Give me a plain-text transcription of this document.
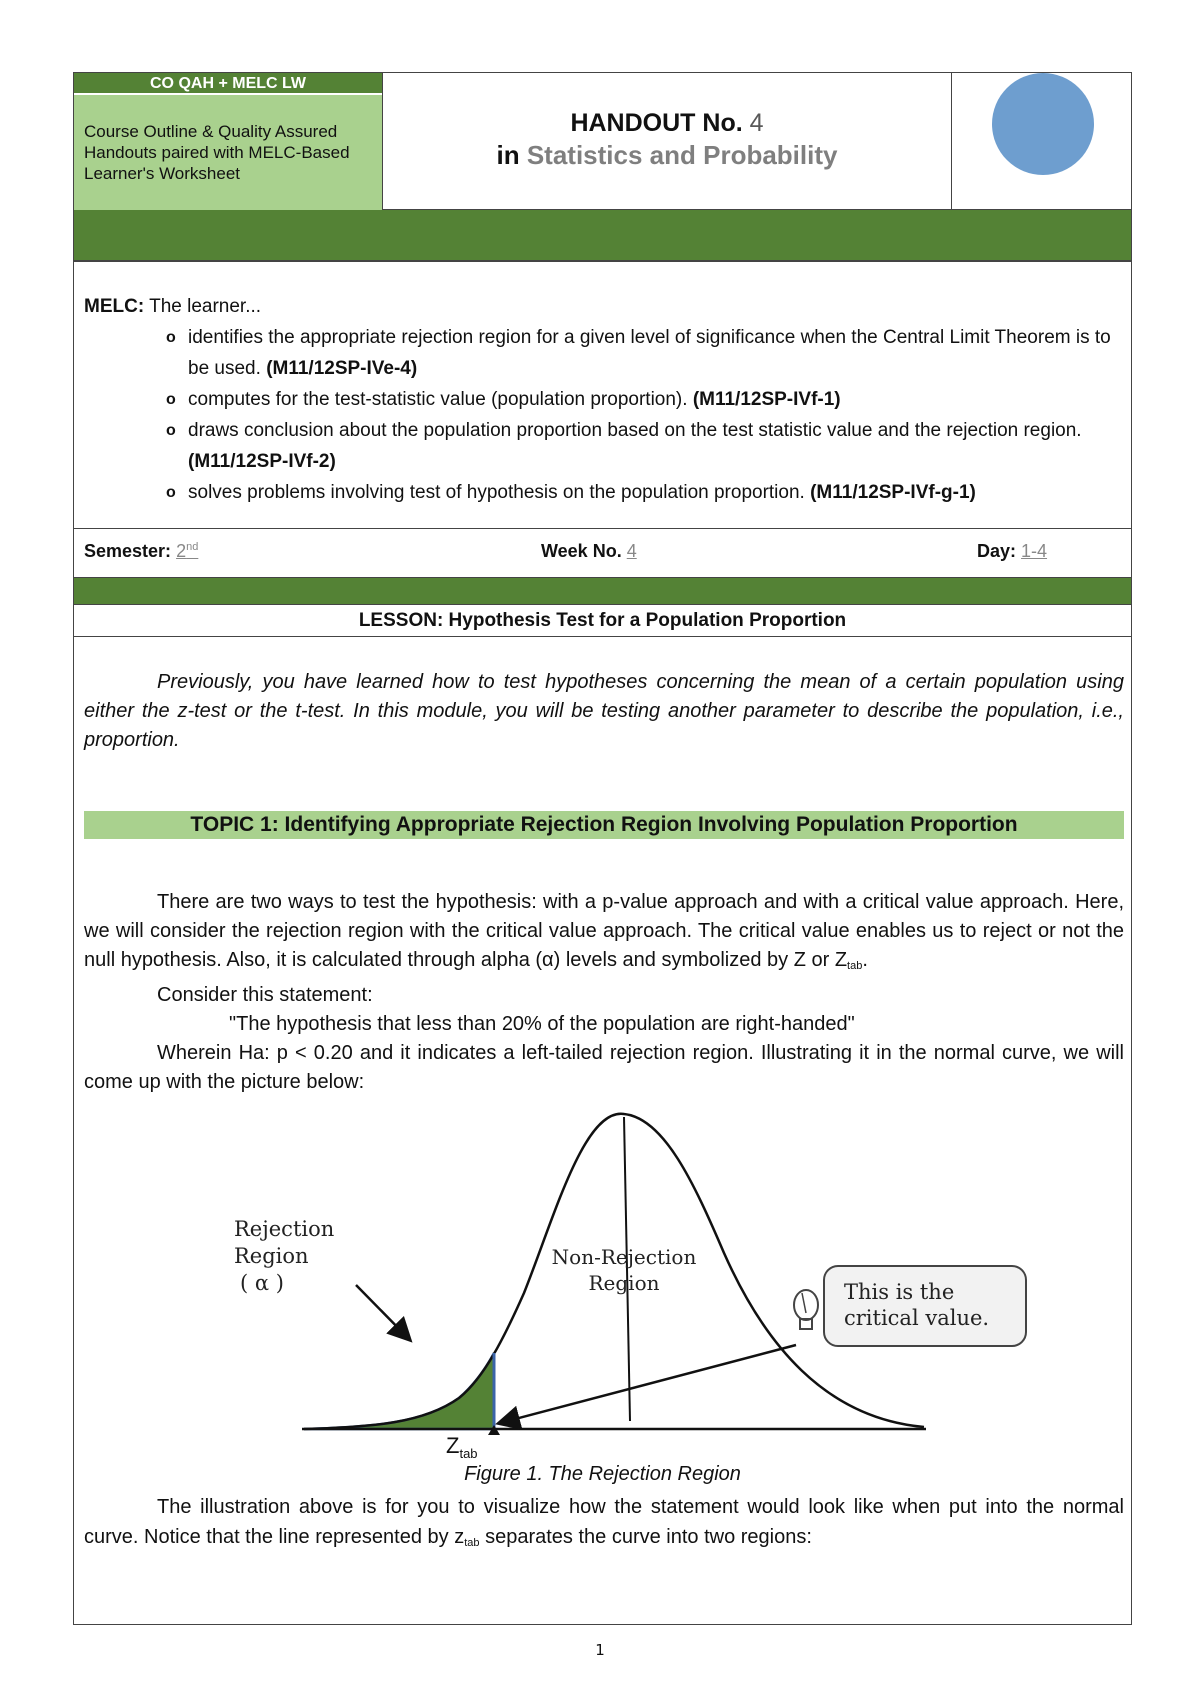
CO QAH + MELC LW
Course Outline & Quality Assured Handouts paired with MELC-Based Learner's Worksheet
HANDOUT No. 4
in Statistics and Probability
MELC: The learner...
o identifies the appropriate rejection region for a given level of significance when the Central Limit Theorem is to be used. (M11/12SP-IVe-4)
o computes for the test-statistic value (population proportion). (M11/12SP-IVf-1)
o draws conclusion about the population proportion based on the test statistic value and the rejection region. (M11/12SP-IVf-2)
o solves problems involving test of hypothesis on the population proportion. (M11/12SP-IVf-g-1)
Semester: 2nd	Week No. 4	Day: 1-4
LESSON: Hypothesis Test for a Population Proportion
Previously, you have learned how to test hypotheses concerning the mean of a certain population using either the z-test or the t-test. In this module, you will be testing another parameter to describe the population, i.e., proportion.
TOPIC 1: Identifying Appropriate Rejection Region Involving Population Proportion

There are two ways to test the hypothesis: with a p-value approach and with a critical value approach. Here, we will consider the rejection region with the critical value approach. The critical value enables us to reject or not the null hypothesis. Also, it is calculated through alpha (α) levels and symbolized by Z or $Z_{tab}$.

Consider this statement:

"The hypothesis that less than 20% of the population are right-handed"

Wherein Ha: p < 0.20 and it indicates a left-tailed rejection region. Illustrating it in the normal curve, we will come up with the picture below:

Rejection
Region
( α )
Non-Rejection
Region	This is the
critical value.
$Z_{tab}$
Figure 1. The Rejection Region
The illustration above is for you to visualize how the statement would look like when put into the normal curve. Notice that the line represented by $z_{tab}$ separates the curve into two regions:
1
